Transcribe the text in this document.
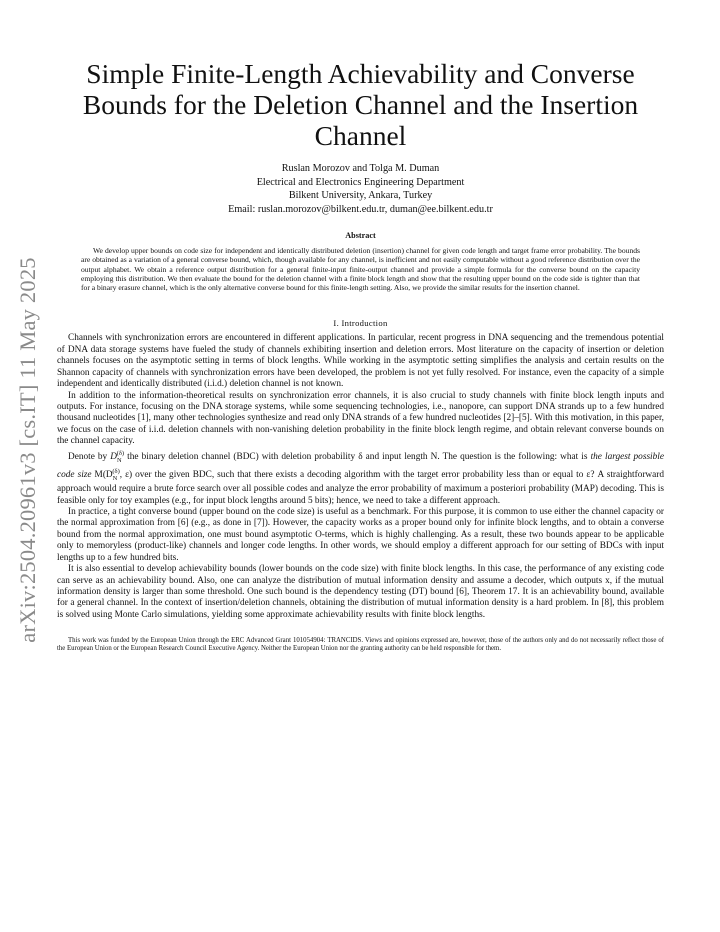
arXiv:2504.20961v3 [cs.IT] 11 May 2025
Simple Finite-Length Achievability and Converse
Bounds for the Deletion Channel and the Insertion
Channel
Ruslan Morozov and Tolga M. Duman
Electrical and Electronics Engineering Department
Bilkent University, Ankara, Turkey
Email: ruslan.morozov@bilkent.edu.tr, duman@ee.bilkent.edu.tr
Abstract

We develop upper bounds on code size for independent and identically distributed deletion (insertion) channel for given code length and target frame error probability. The bounds are obtained as a variation of a general converse bound, which, though available for any channel, is inefficient and not easily computable without a good reference distribution over the output alphabet. We obtain a reference output distribution for a general finite-input finite-output channel and provide a simple formula for the converse bound on the capacity employing this distribution. We then evaluate the bound for the deletion channel with a finite block length and show that the resulting upper bound on the code side is tighter than that for a binary erasure channel, which is the only alternative converse bound for this finite-length setting. Also, we provide the similar results for the insertion channel.

I. Introduction

Channels with synchronization errors are encountered in different applications. In particular, recent progress in DNA sequencing and the tremendous potential of DNA data storage systems have fueled the study of channels exhibiting insertion and deletion errors. Most literature on the capacity of insertion or deletion channels focuses on the asymptotic setting in terms of block lengths. While working in the asymptotic setting simplifies the analysis and certain results on the Shannon capacity of channels with synchronization errors have been developed, the problem is not yet fully resolved. For instance, even the capacity of a simple independent and identically distributed (i.i.d.) deletion channel is not known.

In addition to the information-theoretical results on synchronization error channels, it is also crucial to study channels with finite block length inputs and outputs. For instance, focusing on the DNA storage systems, while some sequencing technologies, i.e., nanopore, can support DNA strands up to a few hundred thousand nucleotides [1], many other technologies synthesize and read only DNA strands of a few hundred nucleotides [2]–[5]. With this motivation, in this paper, we focus on the case of i.i.d. deletion channels with non-vanishing deletion probability in the finite block length regime, and obtain relevant converse bounds on the channel capacity.

Denote by $D_N^{(\delta)}$ the binary deletion channel (BDC) with deletion probability δ and input length N. The question is the following: what is the largest possible code size $M(D_N^{(\delta)}$, ε) over the given BDC, such that there exists a decoding algorithm with the target error probability less than or equal to ε? A straightforward approach would require a brute force search over all possible codes and analyze the error probability of maximum a posteriori probability (MAP) decoding. This is feasible only for toy examples (e.g., for input block lengths around 5 bits); hence, we need to take a different approach.

In practice, a tight converse bound (upper bound on the code size) is useful as a benchmark. For this purpose, it is common to use either the channel capacity or the normal approximation from [6] (e.g., as done in [7]). However, the capacity works as a proper bound only for infinite block lengths, and to obtain a converse bound from the normal approximation, one must bound asymptotic O-terms, which is highly challenging. As a result, these two bounds appear to be applicable only to memoryless (product-like) channels and longer code lengths. In other words, we should employ a different approach for our setting of BDCs with input lengths up to a few hundred bits.

It is also essential to develop achievability bounds (lower bounds on the code size) with finite block lengths. In this case, the performance of any existing code can serve as an achievability bound. Also, one can analyze the distribution of mutual information density and assume a decoder, which outputs x, if the mutual information density is larger than some threshold. One such bound is the dependency testing (DT) bound [6], Theorem 17. It is an achievability bound, available for a general channel. In the context of insertion/deletion channels, obtaining the distribution of mutual information density is a hard problem. In [8], this problem is solved using Monte Carlo simulations, yielding some approximate achievability results with finite block lengths.

This work was funded by the European Union through the ERC Advanced Grant 101054904: TRANCIDS. Views and opinions expressed are, however, those of the authors only and do not necessarily reflect those of the European Union or the European Research Council Executive Agency. Neither the European Union nor the granting authority can be held responsible for them.
